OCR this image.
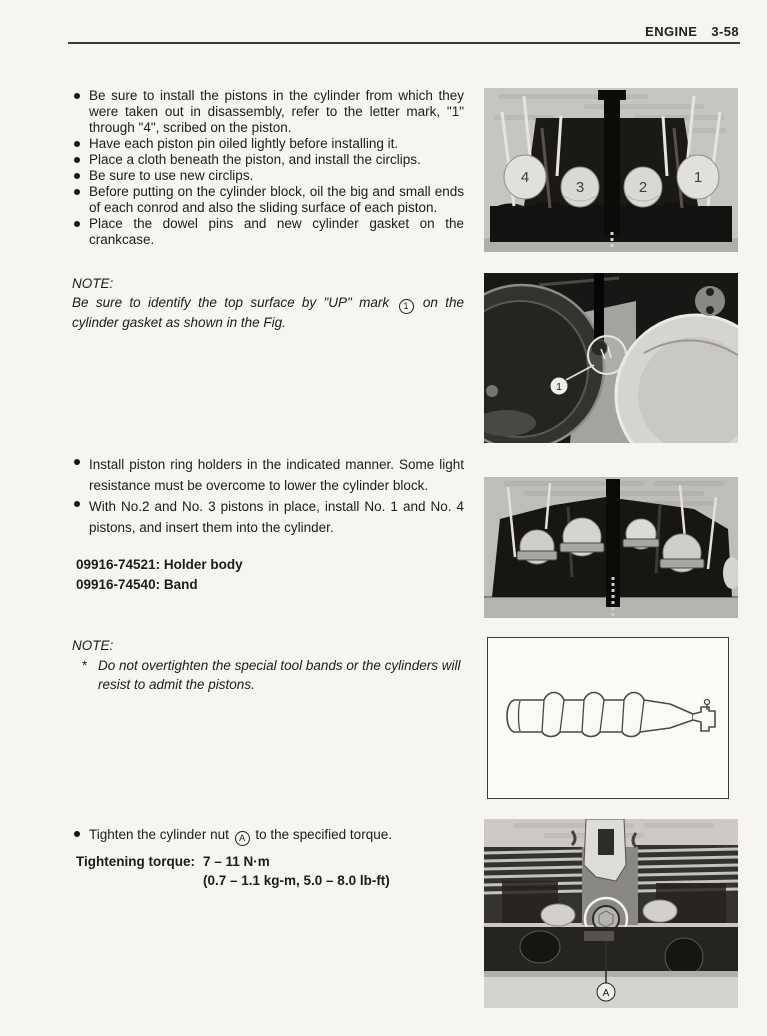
ENGINE 3-58
Be sure to install the pistons in the cylinder from which they were taken out in disassembly, refer to the letter mark, "1" through "4", scribed on the piston.
Have each piston pin oiled lightly before installing it.
Place a cloth beneath the piston, and install the circlips.
Be sure to use new circlips.
Before putting on the cylinder block, oil the big and small ends of each conrod and also the sliding surface of each piston.
Place the dowel pins and new cylinder gasket on the crankcase.
NOTE:
Be sure to identify the top surface by "UP" mark 1 on the cylinder gasket as shown in the Fig.
Install piston ring holders in the indicated manner. Some light resistance must be overcome to lower the cylinder block.
With No.2 and No. 3 pistons in place, install No. 1 and No. 4 pistons, and insert them into the cylinder.
09916-74521: Holder body
09916-74540: Band
NOTE:
* Do not overtighten the special tool bands or the cylinders will resist to admit the pistons.
Tighten the cylinder nut A to the specified torque.
Tightening torque: 7 – 11 N·m
(0.7 – 1.1 kg-m, 5.0 – 8.0 lb-ft)
4
3	2
1
1
A
